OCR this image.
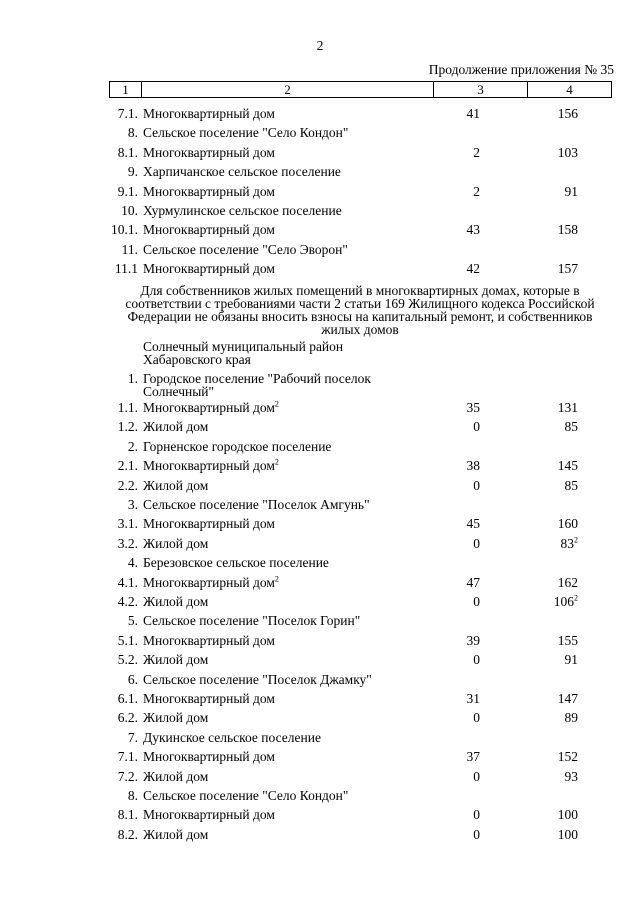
2
Продолжение приложения № 35
1	2	3	4
7.1. Многоквартирный дом	41	156
8. Сельское поселение "Село Кондон"
8.1. Многоквартирный дом	2	103
9. Харпичанское сельское поселение
9.1. Многоквартирный дом	2	91
10. Хурмулинское сельское поселение
10.1. Многоквартирный дом	43	158
11. Сельское поселение "Село Эворон"
11.1 Многоквартирный дом	42	157
Для собственников жилых помещений в многоквартирных домах, которые в соответствии с требованиями части 2 статьи 169 Жилищного кодекса Российской Федерации не обязаны вносить взносы на капитальный ремонт, и собственников жилых домов
Солнечный муниципальный район Хабаровского края
1. Городское поселение "Рабочий поселок Солнечный"
1.1. Многоквартирный дом$^2$	35	131
1.2. Жилой дом	0	85
2. Горненское городское поселение
2.1. Многоквартирный дом$^2$	38	145
2.2. Жилой дом	0	85
3. Сельское поселение "Поселок Амгунь"
3.1. Многоквартирный дом	45	160
3.2. Жилой дом	0	$83^2$
4. Березовское сельское поселение
4.1. Многоквартирный дом$^2$	47	162
4.2. Жилой дом	0	$106^2$
5. Сельское поселение "Поселок Горин"
5.1. Многоквартирный дом	39	155
5.2. Жилой дом	0	91
6. Сельское поселение "Поселок Джамку"
6.1. Многоквартирный дом	31	147
6.2. Жилой дом	0	89
7. Дукинское сельское поселение
7.1. Многоквартирный дом	37	152
7.2. Жилой дом	0	93
8. Сельское поселение "Село Кондон"
8.1. Многоквартирный дом	0	100
8.2. Жилой дом	0	100
